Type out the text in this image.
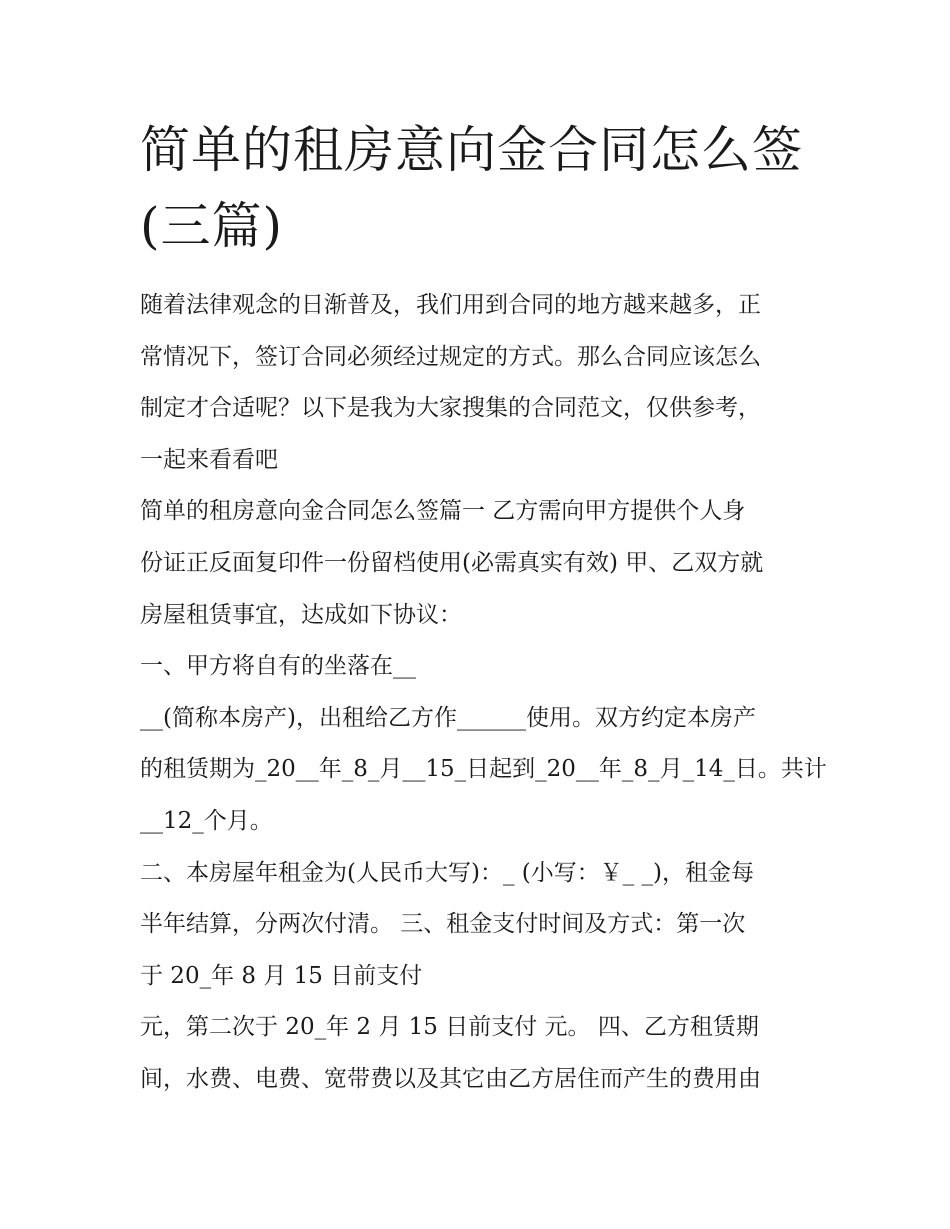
简单的租房意向金合同怎么签
(三篇)
随着法律观念的日渐普及，我们用到合同的地方越来越多，正
常情况下，签订合同必须经过规定的方式。那么合同应该怎么
制定才合适呢？以下是我为大家搜集的合同范文，仅供参考，
一起来看看吧
简单的租房意向金合同怎么签篇一 乙方需向甲方提供个人身
份证正反面复印件一份留档使用(必需真实有效) 甲、乙双方就
房屋租赁事宜，达成如下协议：
一、甲方将自有的坐落在__
__(简称本房产)，出租给乙方作______使用。双方约定本房产
的租赁期为_20__年_8_月__15_日起到_20__年_8_月_14_日。共计
__12_个月。
二、本房屋年租金为(人民币大写)：_ (小写：￥_ _)，租金每
半年结算，分两次付清。 三、租金支付时间及方式：第一次
于 20_年 8 月 15 日前支付
元，第二次于 20_年 2 月 15 日前支付 元。 四、乙方租赁期
间，水费、电费、宽带费以及其它由乙方居住而产生的费用由
